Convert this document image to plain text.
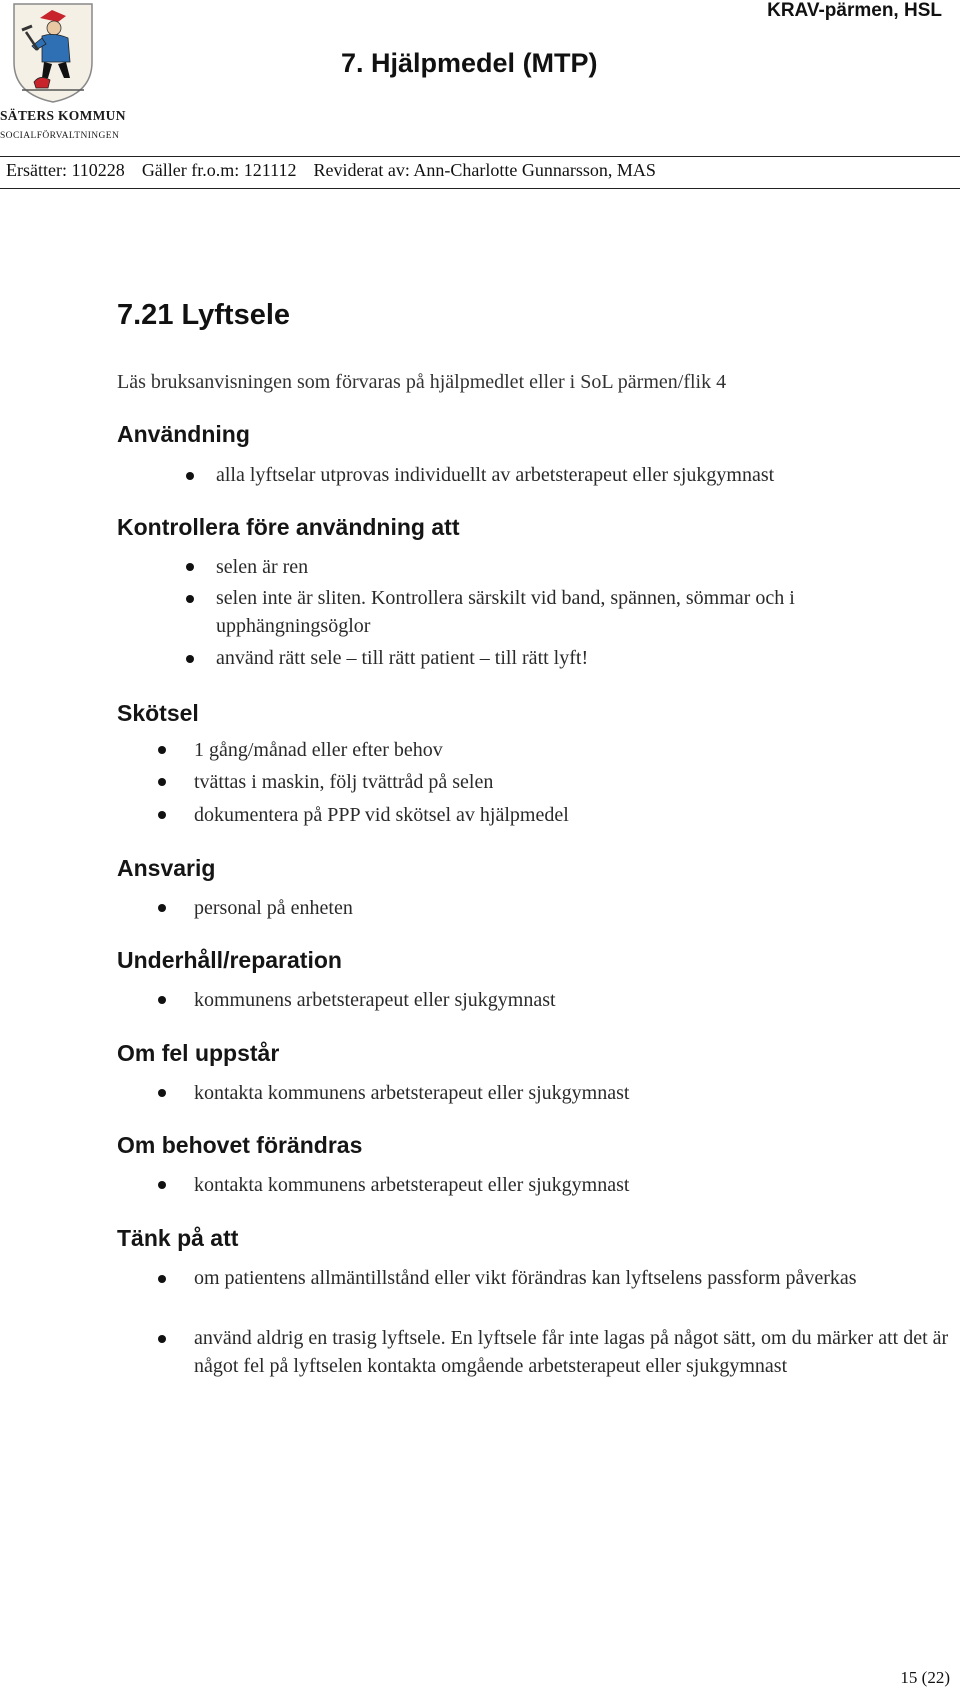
SÄTERS KOMMUN
SOCIALFÖRVALTNINGEN
KRAV-pärmen, HSL
7. Hjälpmedel (MTP)
Ersätter: 110228 Gäller fr.o.m: 121112 Reviderat av: Ann-Charlotte Gunnarsson, MAS
7.21 Lyftsele
Läs bruksanvisningen som förvaras på hjälpmedlet eller i SoL pärmen/flik 4
Användning
alla lyftselar utprovas individuellt av arbetsterapeut eller sjukgymnast
Kontrollera före användning att
selen är ren
selen inte är sliten. Kontrollera särskilt vid band, spännen, sömmar och i upphängningsöglor
använd rätt sele – till rätt patient – till rätt lyft!
Skötsel
1 gång/månad eller efter behov
tvättas i maskin, följ tvättråd på selen
dokumentera på PPP vid skötsel av hjälpmedel
Ansvarig
personal på enheten
Underhåll/reparation
kommunens arbetsterapeut eller sjukgymnast
Om fel uppstår
kontakta kommunens arbetsterapeut eller sjukgymnast
Om behovet förändras
kontakta kommunens arbetsterapeut eller sjukgymnast
Tänk på att
om patientens allmäntillstånd eller vikt förändras kan lyftselens passform påverkas
använd aldrig en trasig lyftsele. En lyftsele får inte lagas på något sätt, om du märker att det är något fel på lyftselen kontakta omgående arbetsterapeut eller sjukgymnast
15 (22)
